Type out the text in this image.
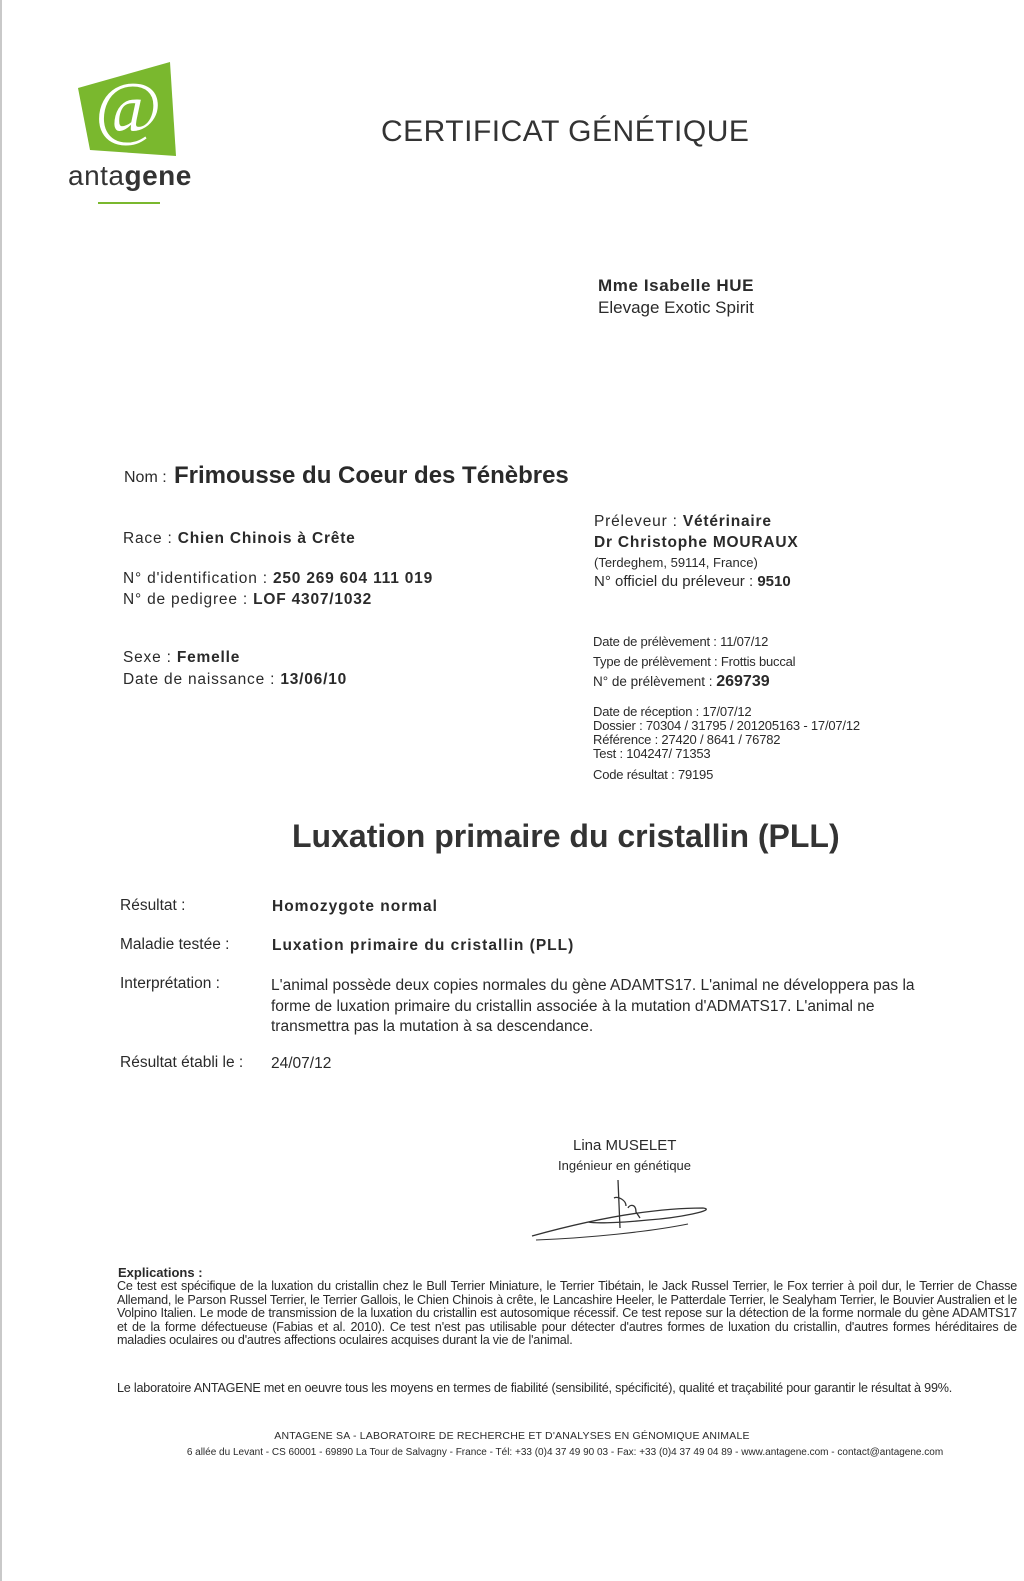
@
antagene
CERTIFICAT GÉNÉTIQUE
Mme Isabelle HUE
Elevage Exotic Spirit
Nom : Frimousse du Coeur des Ténèbres
Race : Chien Chinois à Crête
N° d'identification : 250 269 604 111 019
N° de pedigree : LOF 4307/1032
Sexe : Femelle
Date de naissance : 13/06/10
Préleveur : Vétérinaire
Dr Christophe MOURAUX
(Terdeghem, 59114, France)
N° officiel du préleveur : 9510
Date de prélèvement : 11/07/12
Type de prélèvement : Frottis buccal
N° de prélèvement : 269739
Date de réception : 17/07/12
Dossier : 70304 / 31795 / 201205163 - 17/07/12
Référence : 27420 / 8641 / 76782
Test : 104247/ 71353
Code résultat : 79195
Luxation primaire du cristallin (PLL)
Résultat :	Homozygote normal
Maladie testée :	Luxation primaire du cristallin (PLL)
Interprétation :	L'animal possède deux copies normales du gène ADAMTS17. L'animal ne développera pas la forme de luxation primaire du cristallin associée à la mutation d'ADMATS17. L'animal ne transmettra pas la mutation à sa descendance.
Résultat établi le : 24/07/12
Lina MUSELET
Ingénieur en génétique
Explications :
Ce test est spécifique de la luxation du cristallin chez le Bull Terrier Miniature, le Terrier Tibétain, le Jack Russel Terrier, le Fox terrier à poil dur, le Terrier de Chasse Allemand, le Parson Russel Terrier, le Terrier Gallois, le Chien Chinois à crête, le Lancashire Heeler, le Patterdale Terrier, le Sealyham Terrier, le Bouvier Australien et le Volpino Italien. Le mode de transmission de la luxation du cristallin est autosomique récessif. Ce test repose sur la détection de la forme normale du gène ADAMTS17 et de la forme défectueuse (Fabias et al. 2010). Ce test n'est pas utilisable pour détecter d'autres formes de luxation du cristallin, d'autres formes héréditaires de maladies oculaires ou d'autres affections oculaires acquises durant la vie de l'animal.
Le laboratoire ANTAGENE met en oeuvre tous les moyens en termes de fiabilité (sensibilité, spécificité), qualité et traçabilité pour garantir le résultat à 99%.
ANTAGENE SA - LABORATOIRE DE RECHERCHE ET D'ANALYSES EN GÉNOMIQUE ANIMALE
6 allée du Levant - CS 60001 - 69890 La Tour de Salvagny - France - Tél: +33 (0)4 37 49 90 03 - Fax: +33 (0)4 37 49 04 89 - www.antagene.com - contact@antagene.com
